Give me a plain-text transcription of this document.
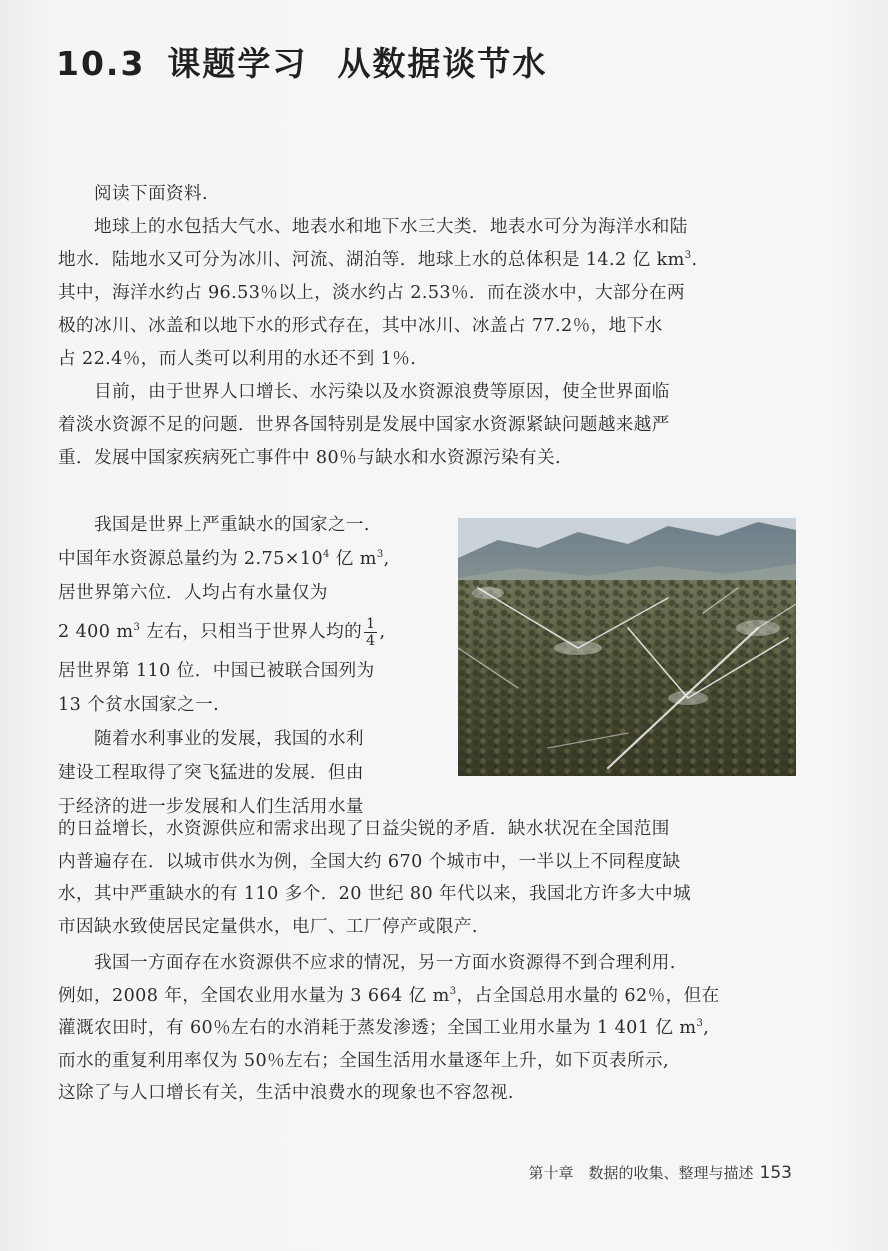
10.3 课题学习 从数据谈节水
阅读下面资料.
地球上的水包括大气水、地表水和地下水三大类．地表水可分为海洋水和陆
地水．陆地水又可分为冰川、河流、湖泊等．地球上水的总体积是 14.2 亿 $km^3$.
其中，海洋水约占 96.53％以上，淡水约占 2.53％．而在淡水中，大部分在两
极的冰川、冰盖和以地下水的形式存在，其中冰川、冰盖占 77.2％，地下水
占 22.4％，而人类可以利用的水还不到 1％.
目前，由于世界人口增长、水污染以及水资源浪费等原因，使全世界面临
着淡水资源不足的问题．世界各国特别是发展中国家水资源紧缺问题越来越严
重．发展中国家疾病死亡事件中 80％与缺水和水资源污染有关.
我国是世界上严重缺水的国家之一.
中国年水资源总量约为 $2.75\times 10^4$ 亿 $m^3$,
居世界第六位．人均占有水量仅为
2 400 $m^3$ 左右，只相当于世界人均的 $\frac{1}{4}$ ,
居世界第 110 位．中国已被联合国列为
13 个贫水国家之一.
随着水利事业的发展，我国的水利
建设工程取得了突飞猛进的发展．但由
于经济的进一步发展和人们生活用水量
的日益增长，水资源供应和需求出现了日益尖锐的矛盾．缺水状况在全国范围
内普遍存在．以城市供水为例，全国大约 670 个城市中，一半以上不同程度缺
水，其中严重缺水的有 110 多个．20 世纪 80 年代以来，我国北方许多大中城
市因缺水致使居民定量供水，电厂、工厂停产或限产.
我国一方面存在水资源供不应求的情况，另一方面水资源得不到合理利用.
例如，2008 年，全国农业用水量为 3 664 亿 $m^3$，占全国总用水量的 62％，但在
灌溉农田时，有 60％左右的水消耗于蒸发渗透；全国工业用水量为 1 401 亿 $m^3$,
而水的重复利用率仅为 50％左右；全国生活用水量逐年上升，如下页表所示,
这除了与人口增长有关，生活中浪费水的现象也不容忽视.
第十章　数据的收集、整理与描述 153
